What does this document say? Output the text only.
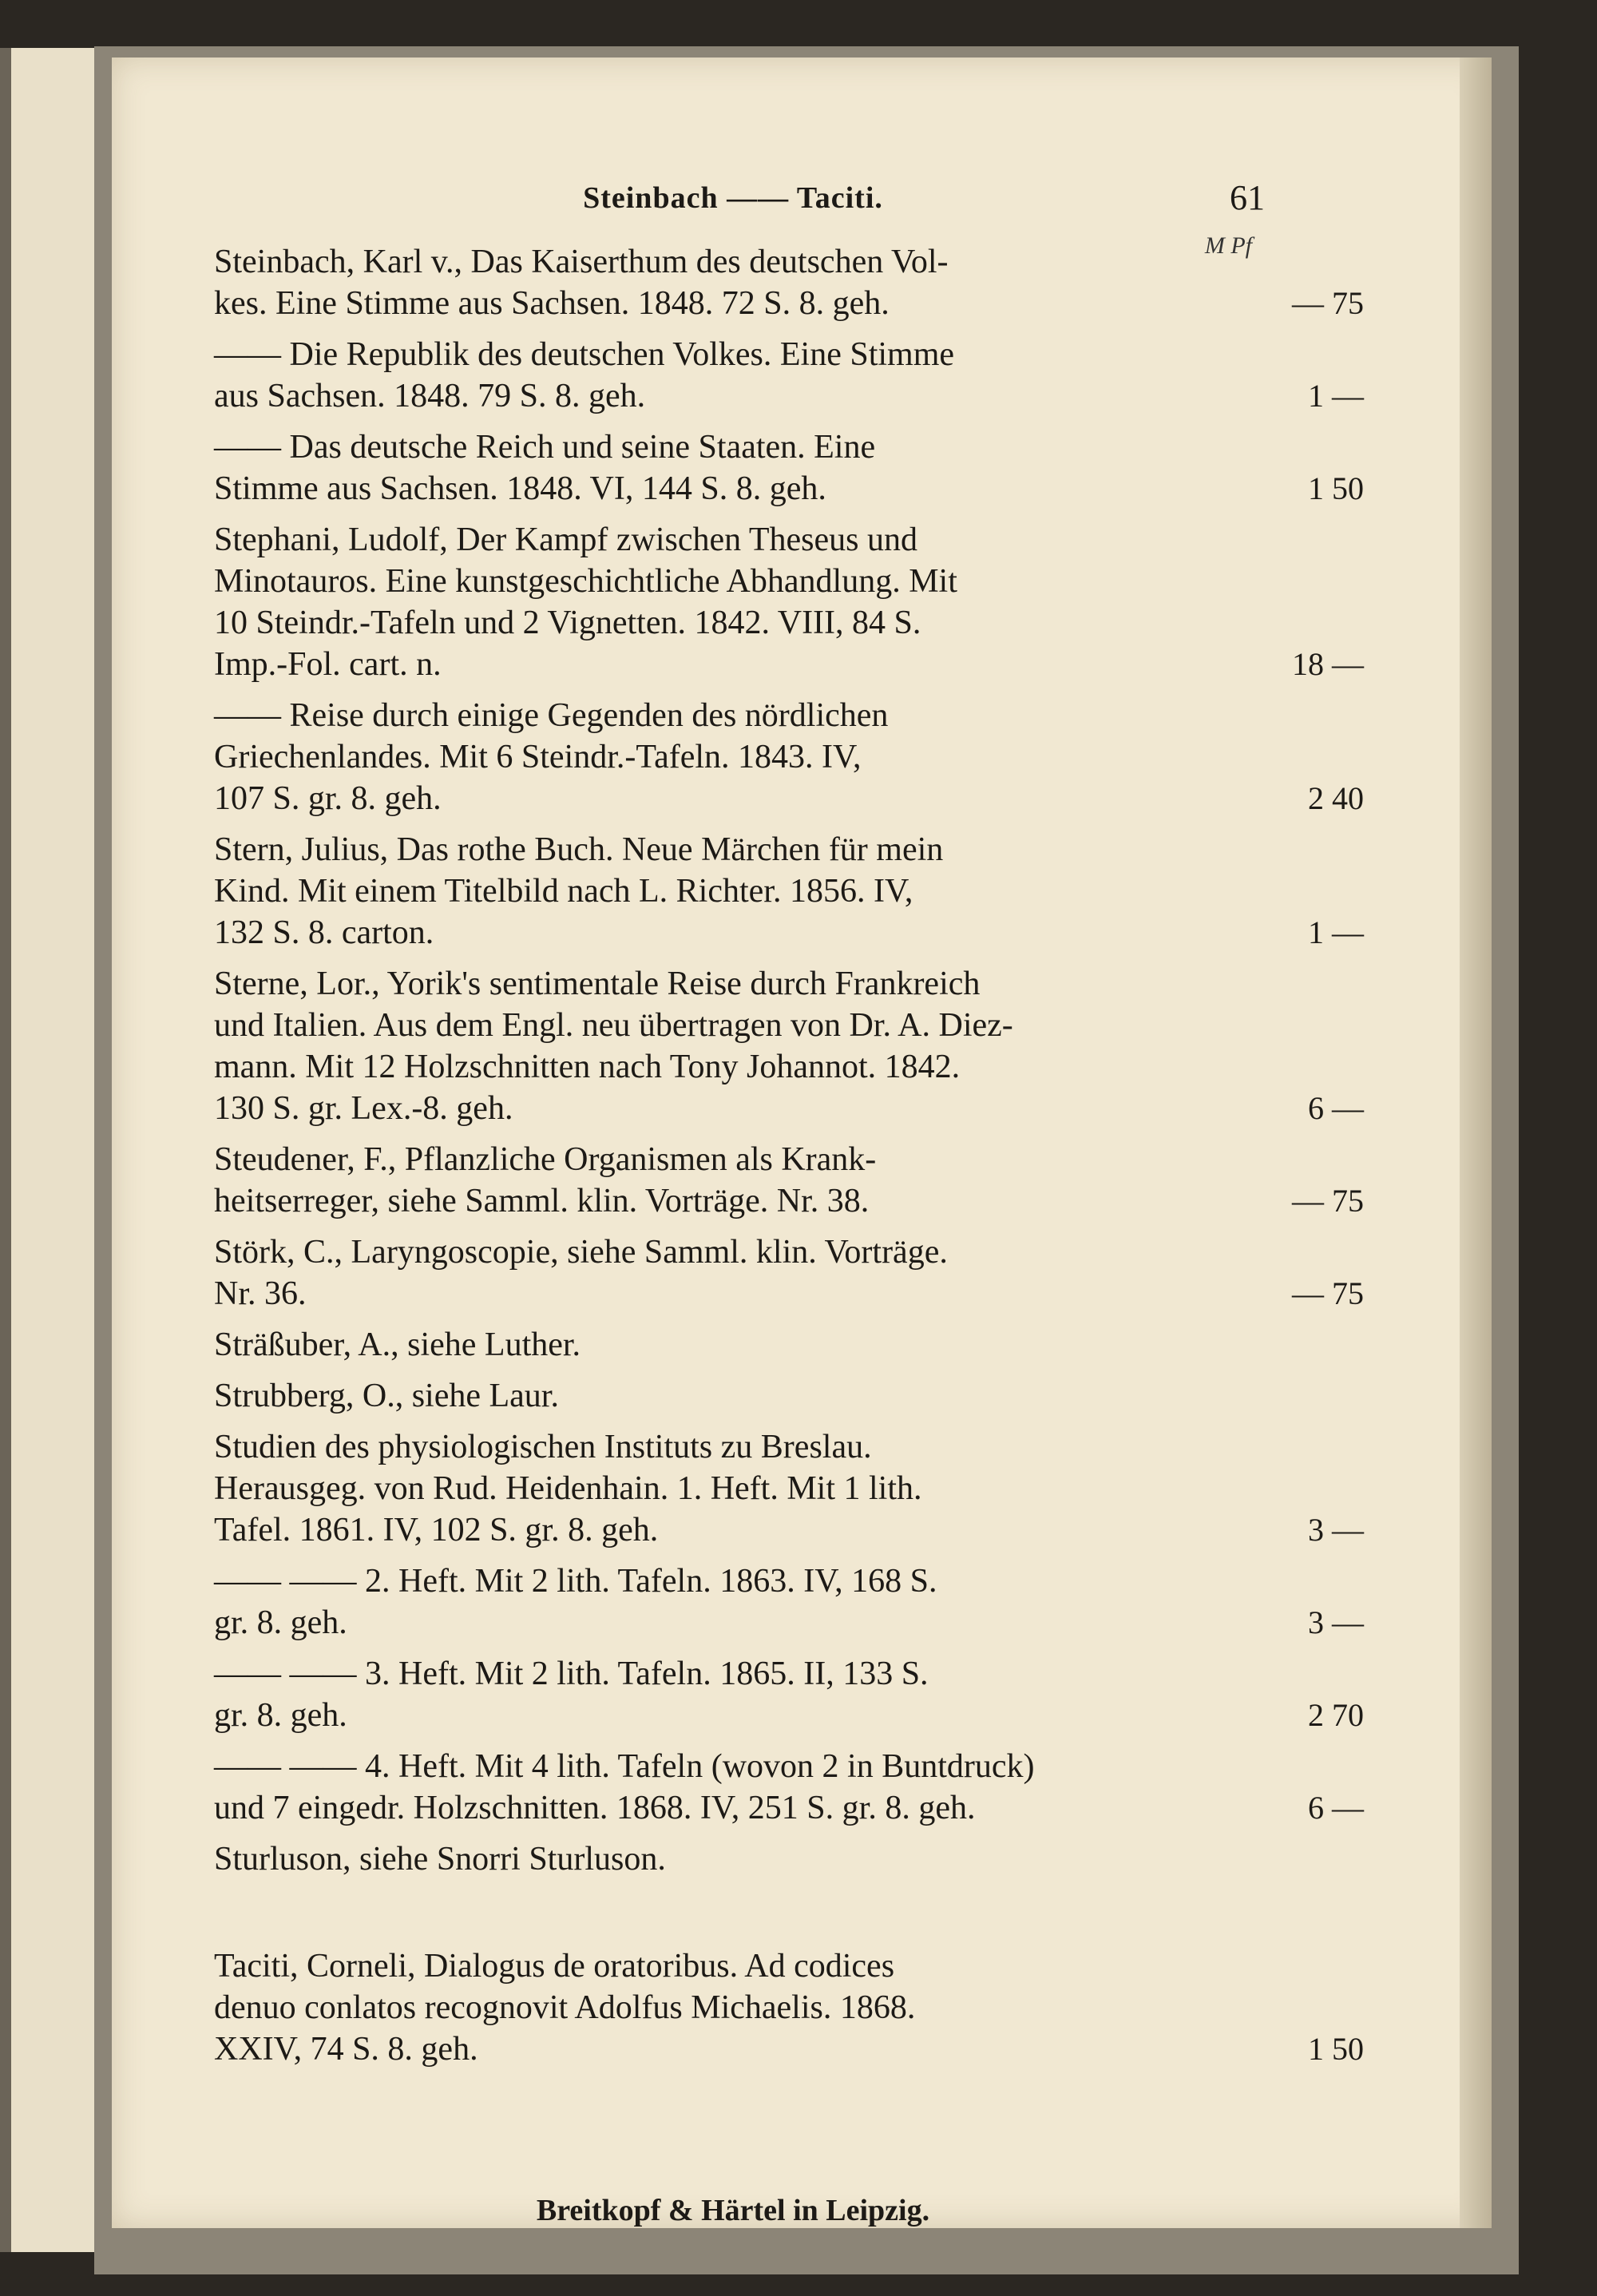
Steinbach —— Taciti.	61
M Pf
Steinbach, Karl v., Das Kaiserthum des deutschen Vol-
kes. Eine Stimme aus Sachsen. 1848. 72 S. 8. geh.	— 75
—— Die Republik des deutschen Volkes. Eine Stimme
aus Sachsen. 1848. 79 S. 8. geh.	1 —
—— Das deutsche Reich und seine Staaten. Eine
Stimme aus Sachsen. 1848. VI, 144 S. 8. geh.	1 50
Stephani, Ludolf, Der Kampf zwischen Theseus und
Minotauros. Eine kunstgeschichtliche Abhandlung. Mit
10 Steindr.-Tafeln und 2 Vignetten. 1842. VIII, 84 S.
Imp.-Fol. cart. n.	18 —
—— Reise durch einige Gegenden des nördlichen
Griechenlandes. Mit 6 Steindr.-Tafeln. 1843. IV,
107 S. gr. 8. geh.	2 40
Stern, Julius, Das rothe Buch. Neue Märchen für mein
Kind. Mit einem Titelbild nach L. Richter. 1856. IV,
132 S. 8. carton.	1 —
Sterne, Lor., Yorik's sentimentale Reise durch Frankreich
und Italien. Aus dem Engl. neu übertragen von Dr. A. Diez-
mann. Mit 12 Holzschnitten nach Tony Johannot. 1842.
130 S. gr. Lex.-8. geh.	6 —
Steudener, F., Pflanzliche Organismen als Krank-
heitserreger, siehe Samml. klin. Vorträge. Nr. 38.	— 75
Störk, C., Laryngoscopie, siehe Samml. klin. Vorträge.
Nr. 36.	— 75
Sträßuber, A., siehe Luther.
Strubberg, O., siehe Laur.
Studien des physiologischen Instituts zu Breslau.
Herausgeg. von Rud. Heidenhain. 1. Heft. Mit 1 lith.
Tafel. 1861. IV, 102 S. gr. 8. geh.	3 —
—— —— 2. Heft. Mit 2 lith. Tafeln. 1863. IV, 168 S.
gr. 8. geh.	3 —
—— —— 3. Heft. Mit 2 lith. Tafeln. 1865. II, 133 S.
gr. 8. geh.	2 70
—— —— 4. Heft. Mit 4 lith. Tafeln (wovon 2 in Buntdruck)
und 7 eingedr. Holzschnitten. 1868. IV, 251 S. gr. 8. geh.	6 —
Sturluson, siehe Snorri Sturluson.
Taciti, Corneli, Dialogus de oratoribus. Ad codices
denuo conlatos recognovit Adolfus Michaelis. 1868.
XXIV, 74 S. 8. geh.	1 50
Breitkopf & Härtel in Leipzig.
